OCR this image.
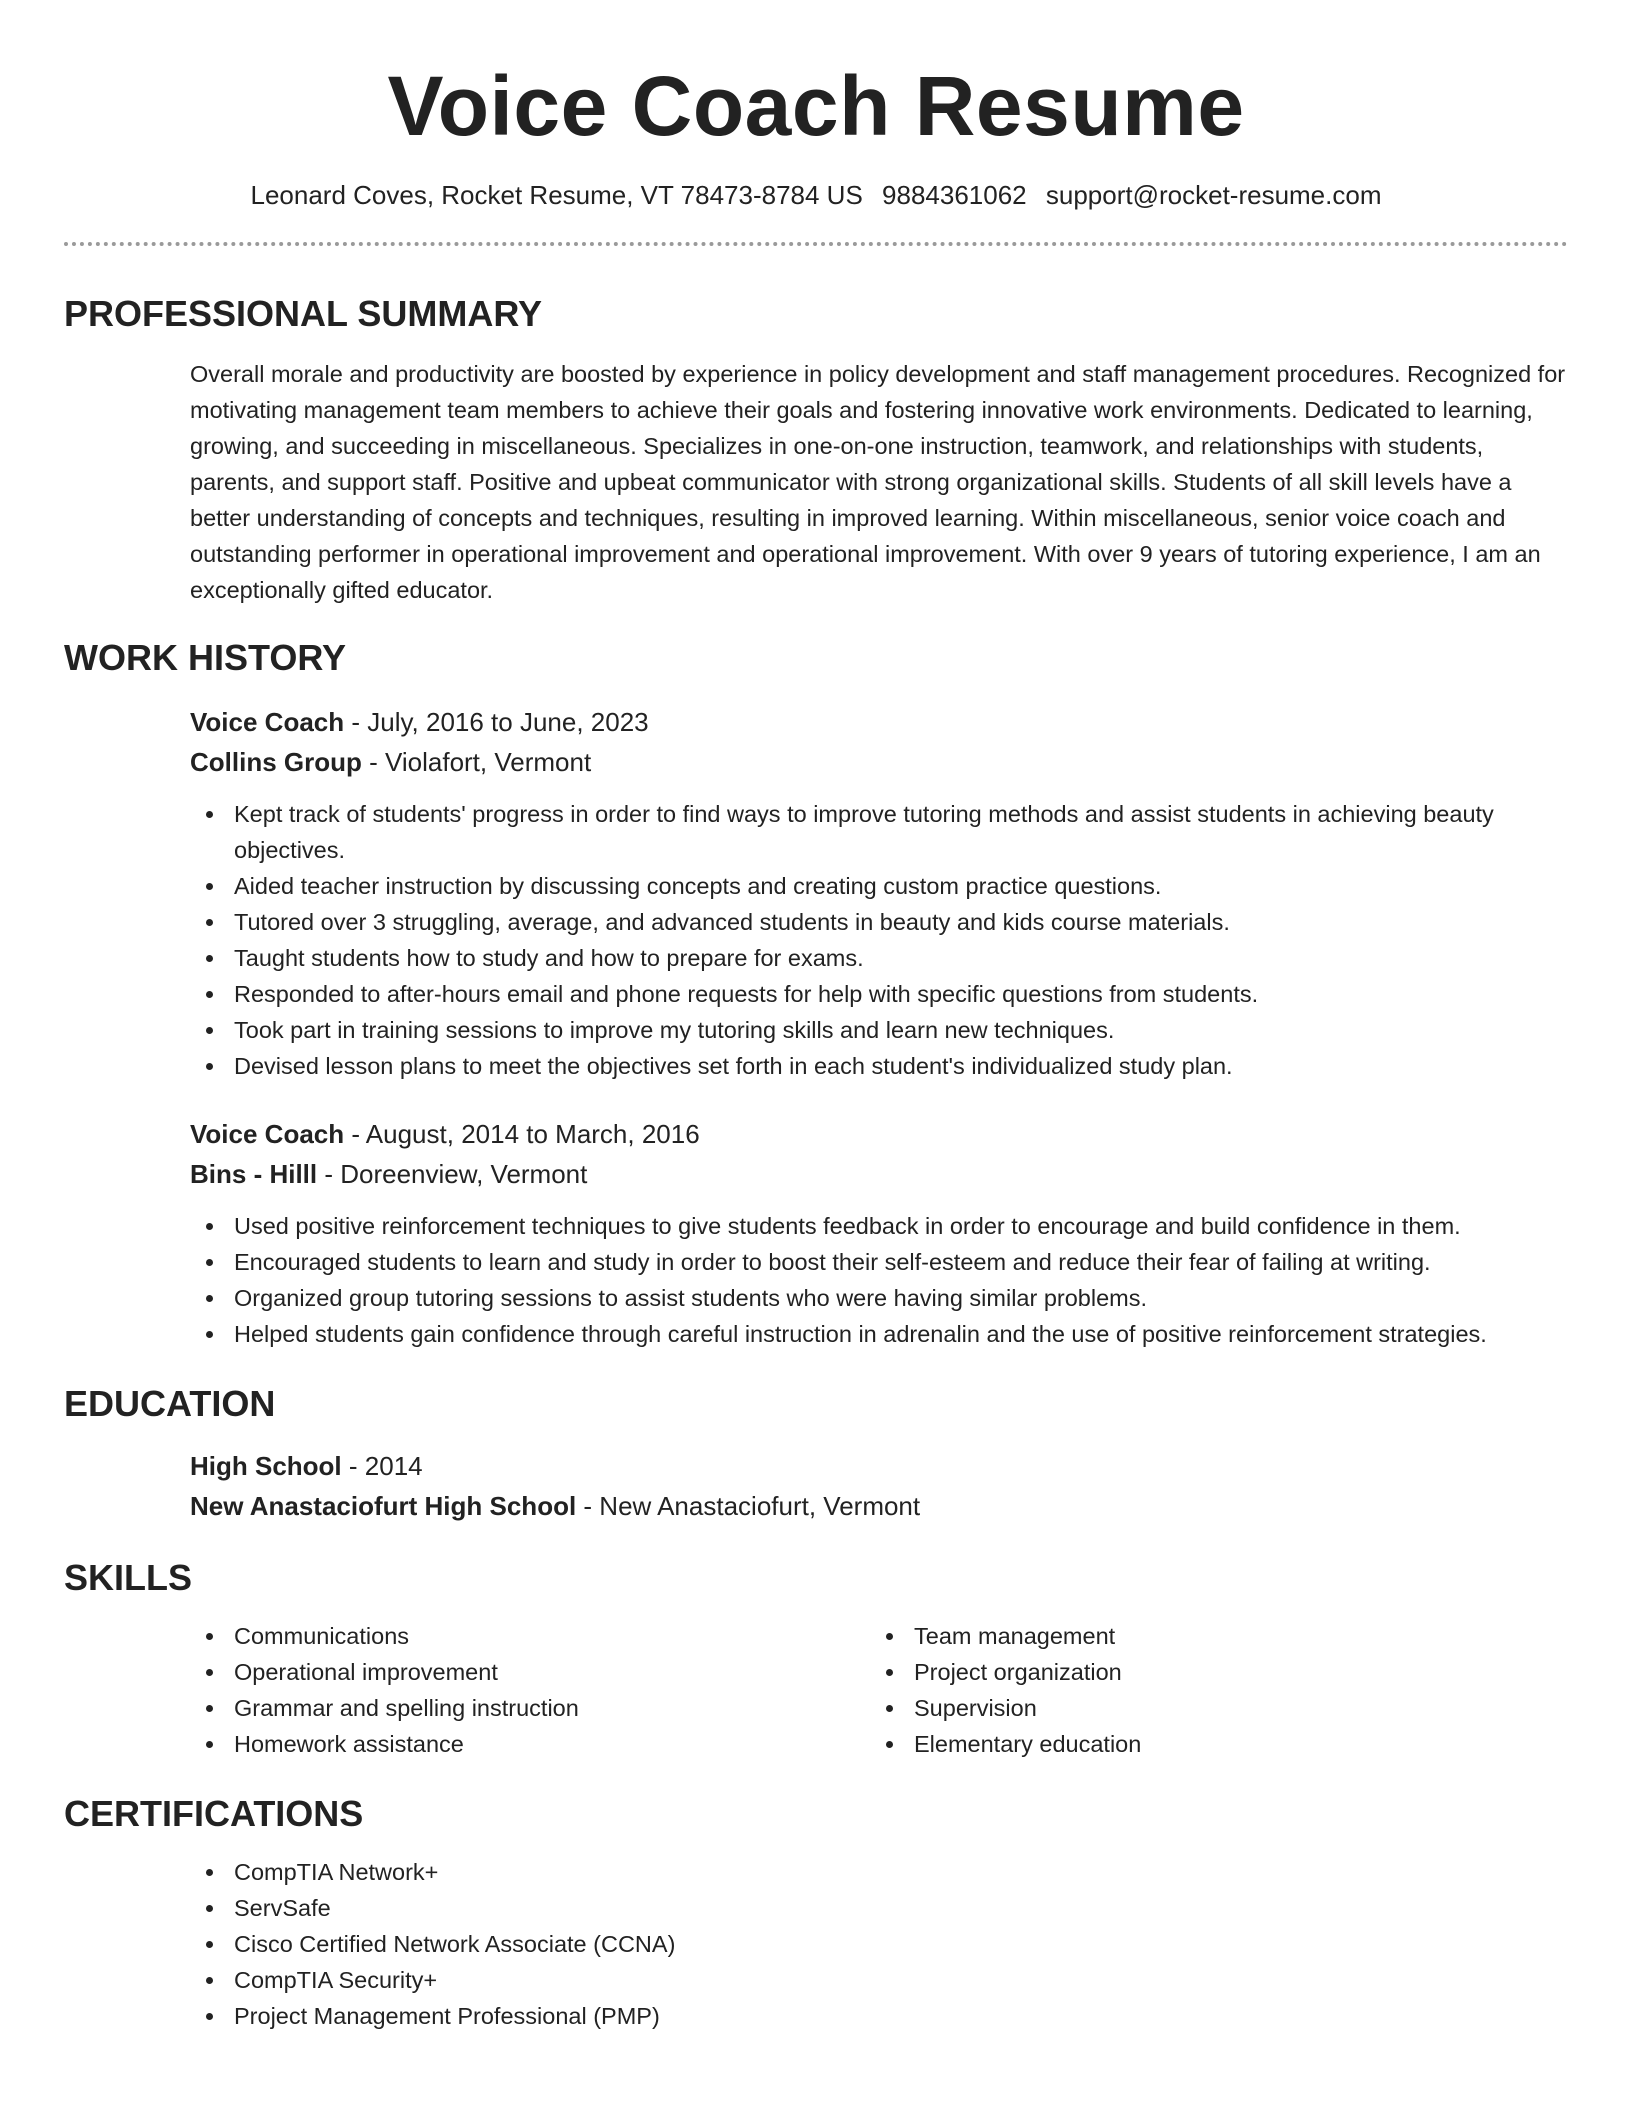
Voice Coach Resume
Leonard Coves, Rocket Resume, VT 78473-8784 US 9884361062 support@rocket-resume.com
PROFESSIONAL SUMMARY

Overall morale and productivity are boosted by experience in policy development and staff management procedures. Recognized for motivating management team members to achieve their goals and fostering innovative work environments. Dedicated to learning, growing, and succeeding in miscellaneous. Specializes in one-on-one instruction, teamwork, and relationships with students, parents, and support staff. Positive and upbeat communicator with strong organizational skills. Students of all skill levels have a better understanding of concepts and techniques, resulting in improved learning. Within miscellaneous, senior voice coach and outstanding performer in operational improvement and operational improvement. With over 9 years of tutoring experience, I am an exceptionally gifted educator.

WORK HISTORY
Voice Coach - July, 2016 to June, 2023
Collins Group - Violafort, Vermont
Kept track of students' progress in order to find ways to improve tutoring methods and assist students in achieving beauty objectives.
Aided teacher instruction by discussing concepts and creating custom practice questions.
Tutored over 3 struggling, average, and advanced students in beauty and kids course materials.
Taught students how to study and how to prepare for exams.
Responded to after-hours email and phone requests for help with specific questions from students.
Took part in training sessions to improve my tutoring skills and learn new techniques.
Devised lesson plans to meet the objectives set forth in each student's individualized study plan.
Voice Coach - August, 2014 to March, 2016
Bins - Hilll - Doreenview, Vermont
Used positive reinforcement techniques to give students feedback in order to encourage and build confidence in them.
Encouraged students to learn and study in order to boost their self-esteem and reduce their fear of failing at writing.
Organized group tutoring sessions to assist students who were having similar problems.
Helped students gain confidence through careful instruction in adrenalin and the use of positive reinforcement strategies.
EDUCATION
High School - 2014
New Anastaciofurt High School - New Anastaciofurt, Vermont
SKILLS
Communications
Operational improvement
Grammar and spelling instruction
Homework assistance
Team management
Project organization
Supervision
Elementary education
CERTIFICATIONS
CompTIA Network+
ServSafe
Cisco Certified Network Associate (CCNA)
CompTIA Security+
Project Management Professional (PMP)
